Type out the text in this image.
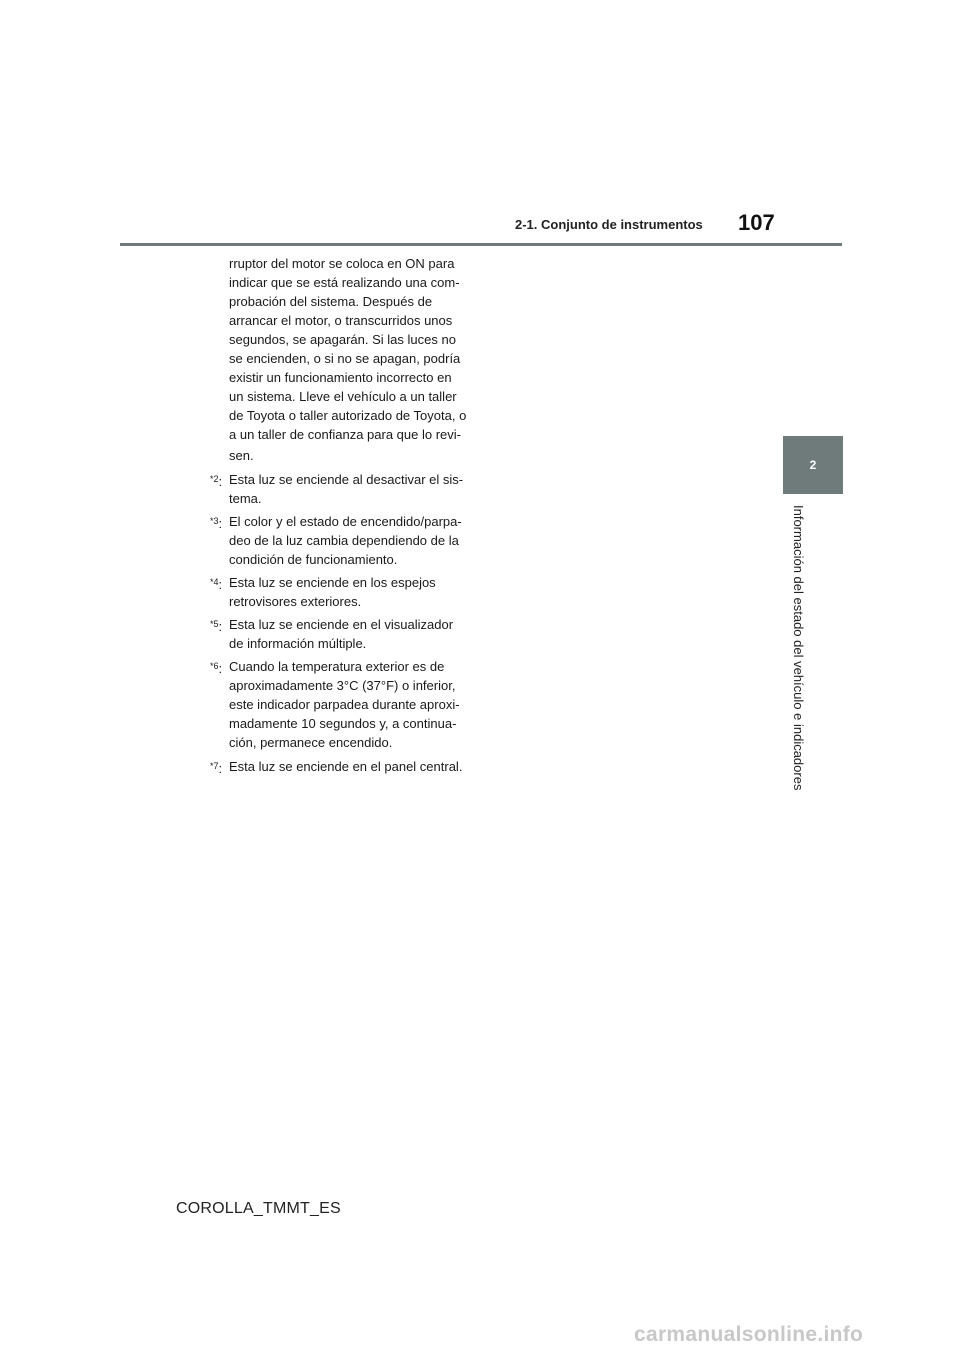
2-1. Conjunto de instrumentos 107
2
Información del estado del vehículo e indicadores
rruptor del motor se coloca en ON para
indicar que se está realizando una com-
probación del sistema. Después de
arrancar el motor, o transcurridos unos
segundos, se apagarán. Si las luces no
se encienden, o si no se apagan, podría
existir un funcionamiento incorrecto en
un sistema. Lleve el vehículo a un taller
de Toyota o taller autorizado de Toyota, o
a un taller de confianza para que lo revi-
sen.
$^{*2}$: Esta luz se enciende al desactivar el sis-
tema.
$^{*3}$: El color y el estado de encendido/parpa-
deo de la luz cambia dependiendo de la
condición de funcionamiento.
$^{*4}$: Esta luz se enciende en los espejos
retrovisores exteriores.
$^{*5}$: Esta luz se enciende en el visualizador
de información múltiple.
$^{*6}$: Cuando la temperatura exterior es de
aproximadamente 3°C (37°F) o inferior,
este indicador parpadea durante aproxi-
madamente 10 segundos y, a continua-
ción, permanece encendido.
$^{*7}$: Esta luz se enciende en el panel central.
COROLLA_TMMT_ES
carmanualsonline.info
